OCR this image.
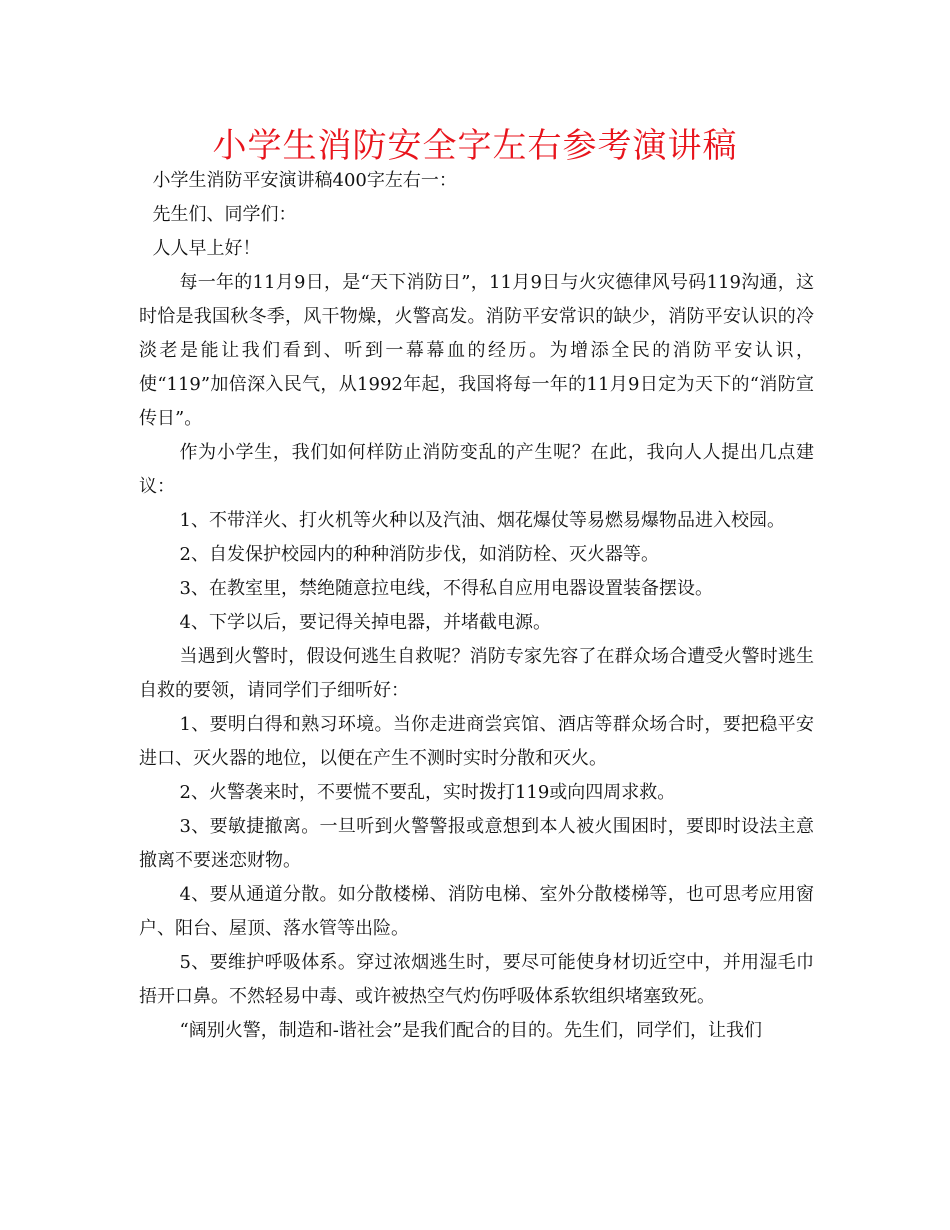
小学生消防安全字左右参考演讲稿

小学生消防平安演讲稿400字左右一：

先生们、同学们：

人人早上好！

每一年的11月9日，是“天下消防日”，11月9日与火灾德律风号码119沟通，这时恰是我国秋冬季，风干物燥，火警高发。消防平安常识的缺少，消防平安认识的冷淡老是能让我们看到、听到一幕幕血的经历。为增添全民的消防平安认识，使“119”加倍深入民气，从1992年起，我国将每一年的11月9日定为天下的“消防宣传日”。

作为小学生，我们如何样防止消防变乱的产生呢？在此，我向人人提出几点建议：

1、不带洋火、打火机等火种以及汽油、烟花爆仗等易燃易爆物品进入校园。

2、自发保护校园内的种种消防步伐，如消防栓、灭火器等。

3、在教室里，禁绝随意拉电线，不得私自应用电器设置装备摆设。

4、下学以后，要记得关掉电器，并堵截电源。

当遇到火警时，假设何逃生自救呢？消防专家先容了在群众场合遭受火警时逃生自救的要领，请同学们子细听好：

1、要明白得和熟习环境。当你走进商尝宾馆、酒店等群众场合时，要把稳平安进口、灭火器的地位，以便在产生不测时实时分散和灭火。

2、火警袭来时，不要慌不要乱，实时拨打119或向四周求救。

3、要敏捷撤离。一旦听到火警警报或意想到本人被火围困时，要即时设法主意撤离不要迷恋财物。

4、要从通道分散。如分散楼梯、消防电梯、室外分散楼梯等，也可思考应用窗户、阳台、屋顶、落水管等出险。

5、要维护呼吸体系。穿过浓烟逃生时，要尽可能使身材切近空中，并用湿毛巾捂开口鼻。不然轻易中毒、或许被热空气灼伤呼吸体系软组织堵塞致死。

“阔别火警，制造和-谐社会”是我们配合的目的。先生们，同学们，让我们
